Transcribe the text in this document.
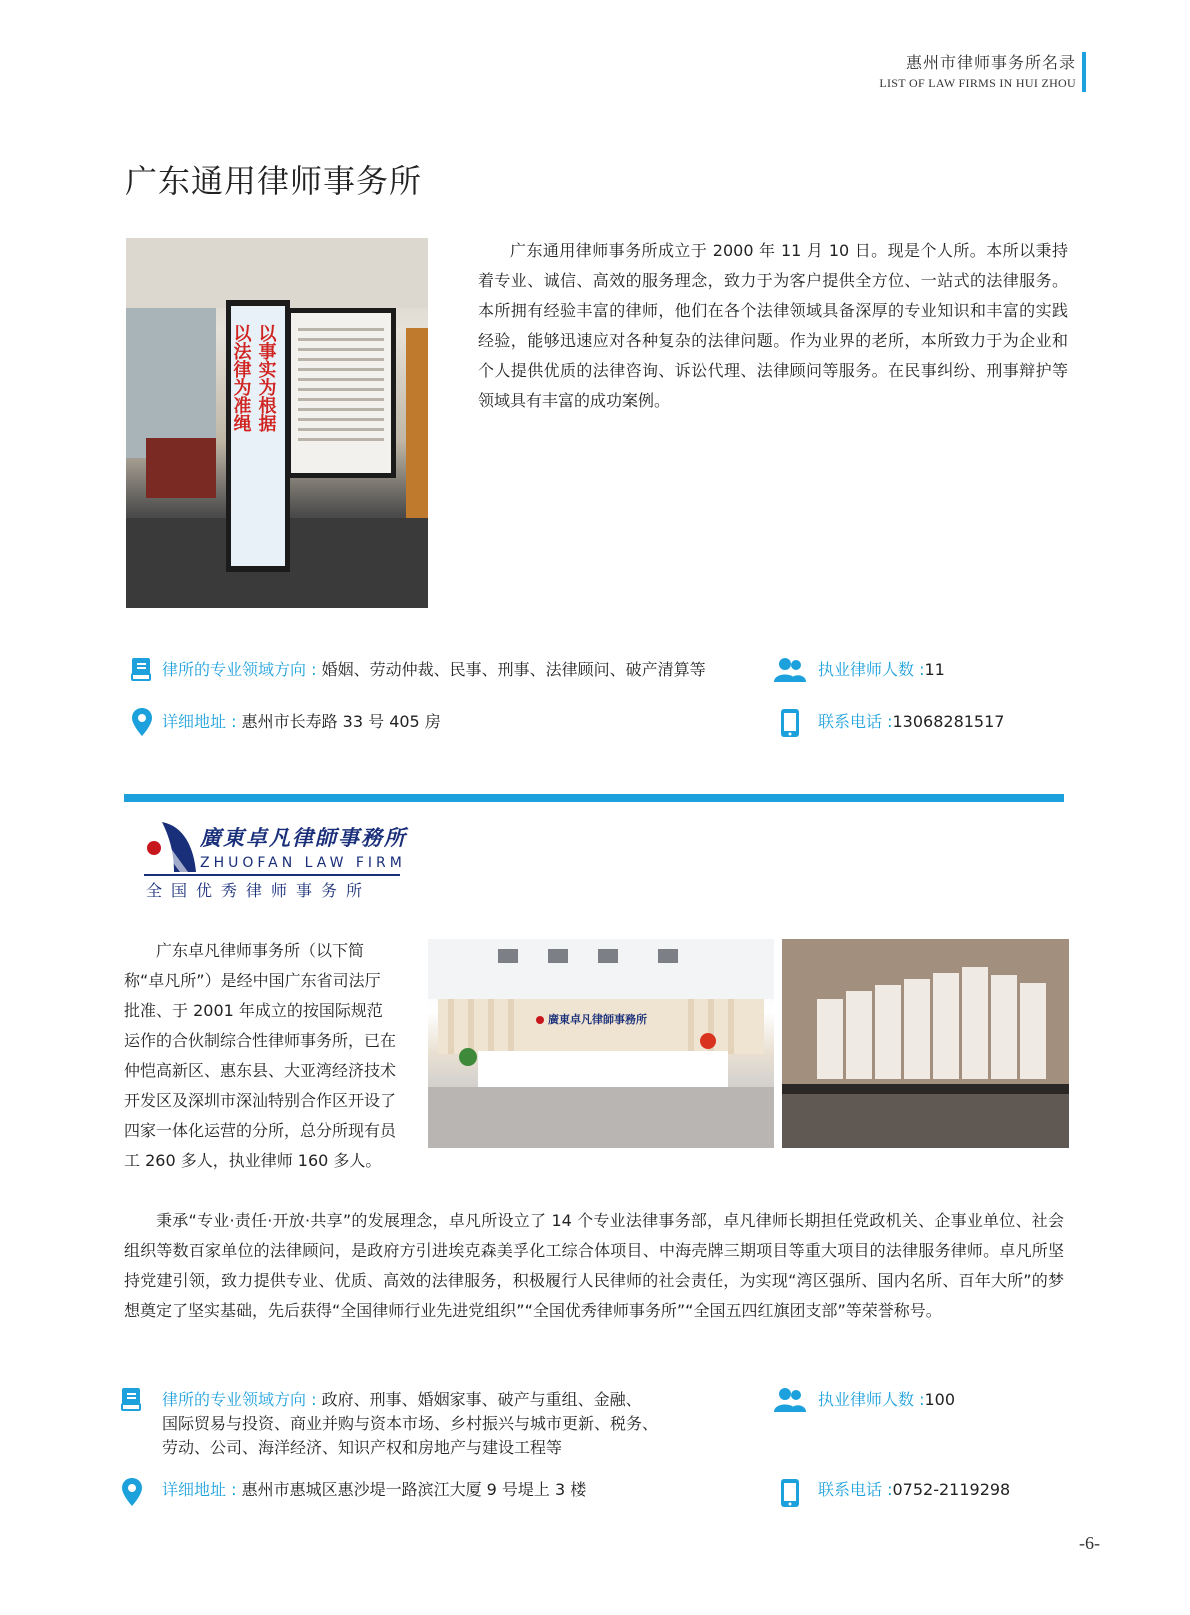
惠州市律师事务所名录
LIST OF LAW FIRMS IN HUI ZHOU
广东通用律师事务所
以法律为准绳 以事实为根据
广东通用律师事务所成立于 2000 年 11 月 10 日。现是个人所。本所以秉持着专业、诚信、高效的服务理念，致力于为客户提供全方位、一站式的法律服务。本所拥有经验丰富的律师，他们在各个法律领域具备深厚的专业知识和丰富的实践经验，能够迅速应对各种复杂的法律问题。作为业界的老所，本所致力于为企业和个人提供优质的法律咨询、诉讼代理、法律顾问等服务。在民事纠纷、刑事辩护等领域具有丰富的成功案例。
律所的专业领域方向 : 婚姻、劳动仲裁、民事、刑事、法律顾问、破产清算等	执业律师人数 :11
详细地址 : 惠州市长寿路 33 号 405 房	联系电话 :13068281517
廣東卓凡律師事務所
ZHUOFAN LAW FIRM
全国优秀律师事务所
广东卓凡律师事务所（以下简称“卓凡所”）是经中国广东省司法厅批准、于 2001 年成立的按国际规范运作的合伙制综合性律师事务所，已在仲恺高新区、惠东县、大亚湾经济技术开发区及深圳市深汕特别合作区开设了四家一体化运营的分所，总分所现有员工 260 多人，执业律师 160 多人。
廣東卓凡律師事務所
秉承“专业·责任·开放·共享”的发展理念，卓凡所设立了 14 个专业法律事务部，卓凡律师长期担任党政机关、企事业单位、社会组织等数百家单位的法律顾问，是政府方引进埃克森美孚化工综合体项目、中海壳牌三期项目等重大项目的法律服务律师。卓凡所坚持党建引领，致力提供专业、优质、高效的法律服务，积极履行人民律师的社会责任，为实现“湾区强所、国内名所、百年大所”的梦想奠定了坚实基础，先后获得“全国律师行业先进党组织”“全国优秀律师事务所”“全国五四红旗团支部”等荣誉称号。
律所的专业领域方向 : 政府、刑事、婚姻家事、破产与重组、金融、
国际贸易与投资、商业并购与资本市场、乡村振兴与城市更新、税务、
劳动、公司、海洋经济、知识产权和房地产与建设工程等
执业律师人数 :100
详细地址 : 惠州市惠城区惠沙堤一路滨江大厦 9 号堤上 3 楼	联系电话 :0752-2119298
-6-
